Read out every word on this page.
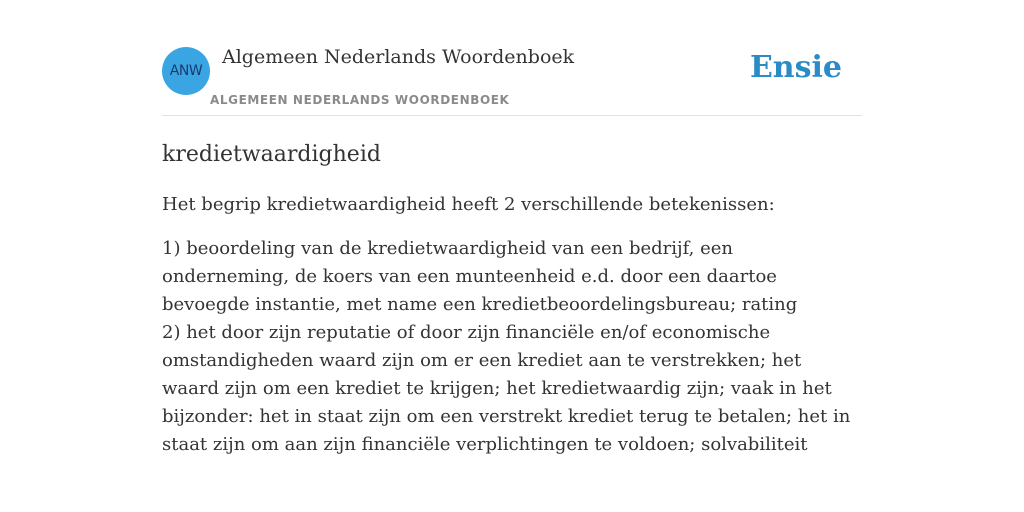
ANW
Algemeen Nederlands Woordenboek
ALGEMEEN NEDERLANDS WOORDENBOEK
Ensie
kredietwaardigheid

Het begrip kredietwaardigheid heeft 2 verschillende betekenissen:

1) beoordeling van de kredietwaardigheid van een bedrijf, een onderneming, de koers van een munteenheid e.d. door een daartoe bevoegde instantie, met name een kredietbeoordelingsbureau; rating

2) het door zijn reputatie of door zijn financiële en/of economische omstandigheden waard zijn om er een krediet aan te verstrekken; het waard zijn om een krediet te krijgen; het kredietwaardig zijn; vaak in het bijzonder: het in staat zijn om een verstrekt krediet terug te betalen; het in staat zijn om aan zijn financiële verplichtingen te voldoen; solvabiliteit
